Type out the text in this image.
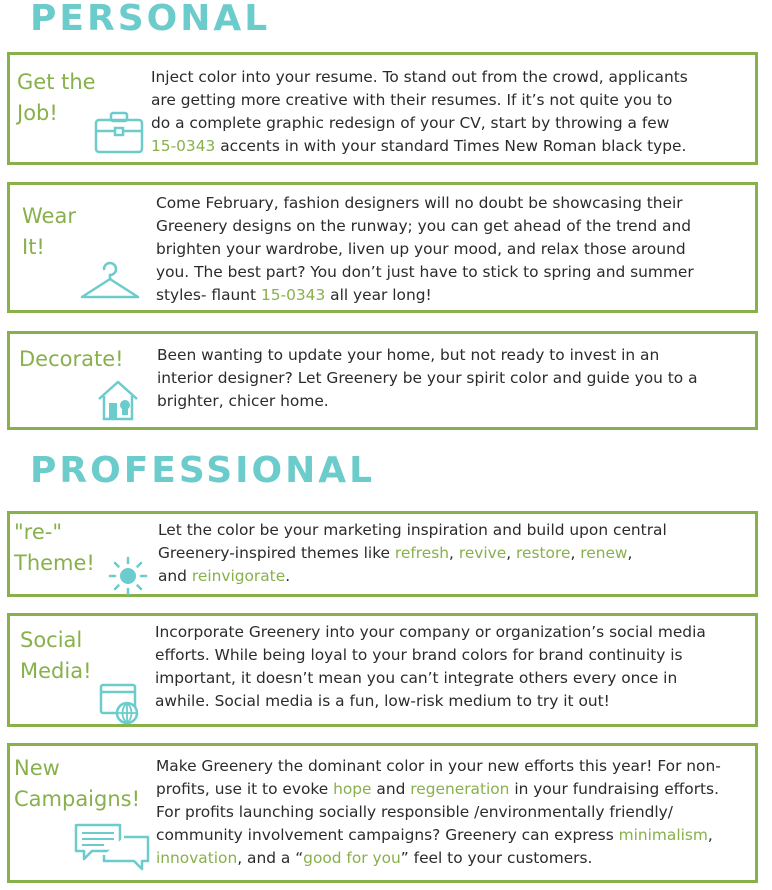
PERSONAL
Get the
Job!

Inject color into your resume. To stand out from the crowd, applicants
are getting more creative with their resumes. If it’s not quite you to
do a complete graphic redesign of your CV, start by throwing a few
15-0343 accents in with your standard Times New Roman black type.

Wear
It!

Come February, fashion designers will no doubt be showcasing their
Greenery designs on the runway; you can get ahead of the trend and
brighten your wardrobe, liven up your mood, and relax those around
you. The best part? You don’t just have to stick to spring and summer
styles- flaunt 15-0343 all year long!

Decorate! Been wanting to update your home, but not ready to invest in an
interior designer? Let Greenery be your spirit color and guide you to a
brighter, chicer home.

PROFESSIONAL
"re-"
Theme!

Let the color be your marketing inspiration and build upon central
Greenery-inspired themes like refresh, revive, restore, renew,
and reinvigorate.

Social
Media!

Incorporate Greenery into your company or organization’s social media
efforts. While being loyal to your brand colors for brand continuity is
important, it doesn’t mean you can’t integrate others every once in
awhile. Social media is a fun, low-risk medium to try it out!

New
Campaigns!

Make Greenery the dominant color in your new efforts this year! For non-
profits, use it to evoke hope and regeneration in your fundraising efforts.
For profits launching socially responsible /environmentally friendly/
community involvement campaigns? Greenery can express minimalism,
innovation, and a “good for you” feel to your customers.
